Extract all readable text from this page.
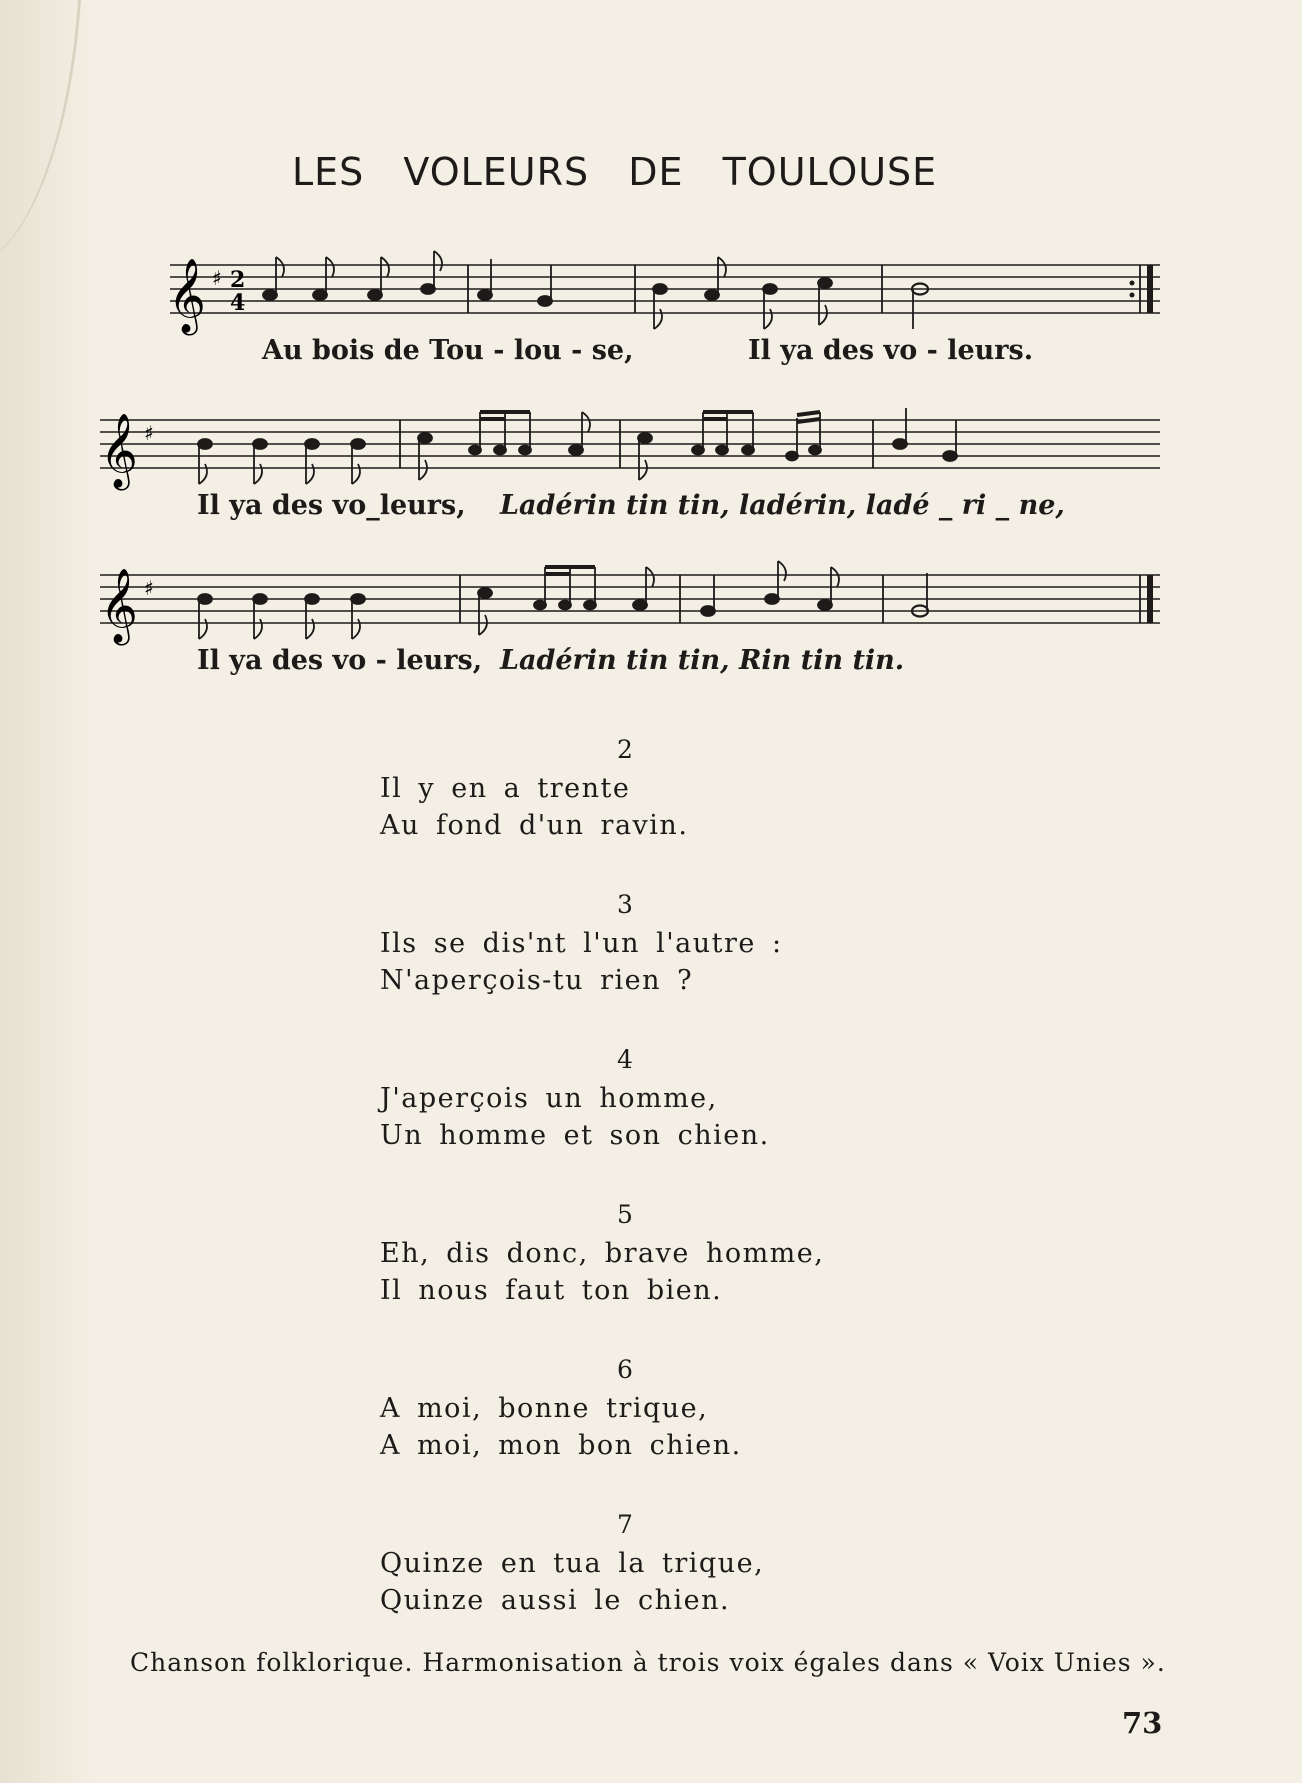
LES VOLEURS DE TOULOUSE
𝄞 ♯ 2
4
Au bois de Tou - lou - se,	Il ya des vo - leurs.
𝄞 ♯
Il ya des vo_leurs, Ladérin tin tin, ladérin, ladé _ ri _ ne,
𝄞 ♯
Il ya des vo - leurs, Ladérin tin tin, Rin tin tin.
2
Il y en a trente
Au fond d'un ravin.
3
Ils se dis'nt l'un l'autre :
N'aperçois-tu rien ?
4
J'aperçois un homme,
Un homme et son chien.
5
Eh, dis donc, brave homme,
Il nous faut ton bien.
6
A moi, bonne trique,
A moi, mon bon chien.
7
Quinze en tua la trique,
Quinze aussi le chien.
Chanson folklorique. Harmonisation à trois voix égales dans « Voix Unies ».
73
